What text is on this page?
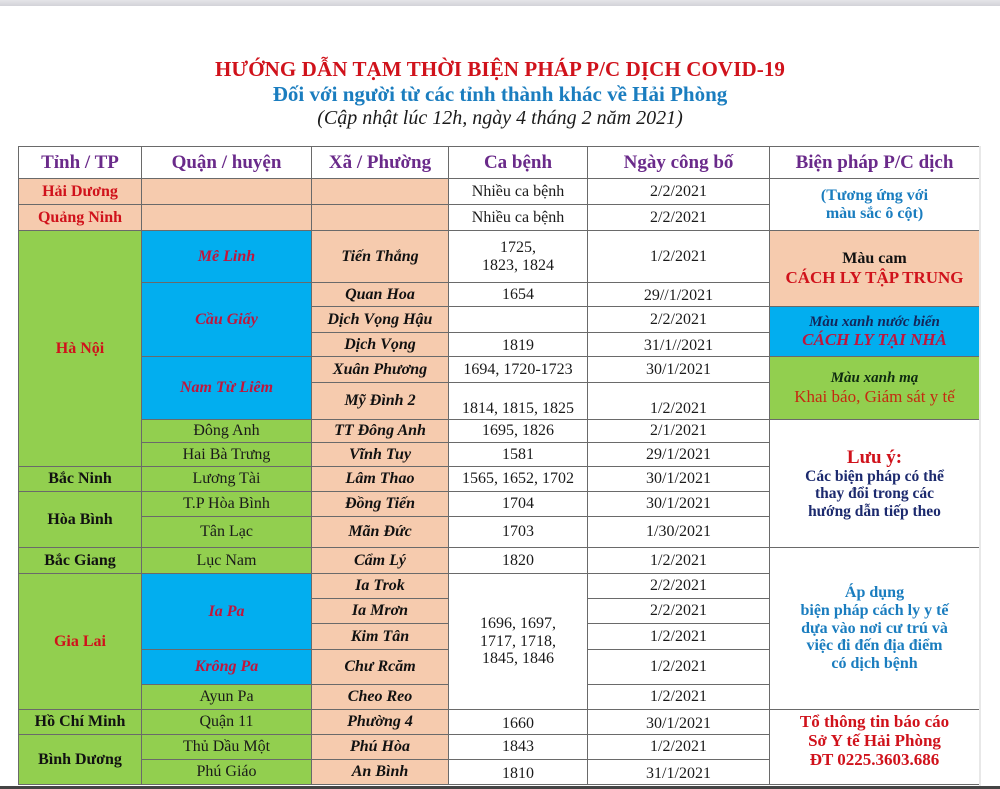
HƯỚNG DẪN TẠM THỜI BIỆN PHÁP P/C DỊCH COVID-19
Đối với người từ các tỉnh thành khác về Hải Phòng
(Cập nhật lúc 12h, ngày 4 tháng 2 năm 2021)
Tỉnh / TP	Quận / huyện	Xã / Phường	Ca bệnh	Ngày công bố	Biện pháp P/C dịch
Hải Dương			Nhiều ca bệnh	2/2/2021	(Tương ứng với
màu sắc ô cột)

Quảng Ninh			Nhiều ca bệnh	2/2/2021	
Hà Nội	Mê Linh	Tiến Thắng	1725,
1823, 1824	1/2/2021	Màu cam
CÁCH LY TẬP TRUNG

	Cầu Giấy	Quan Hoa	1654	29//1/2021	
		Dịch Vọng Hậu		2/2/2021	Màu xanh nước biển
CÁCH LY TẠI NHÀ

		Dịch Vọng	1819	31/1//2021	
	Nam Từ Liêm	Xuân Phương	1694, 1720-1723	30/1/2021	Màu xanh mạ
Khai báo, Giám sát y tế

		Mỹ Đình 2	1814, 1815, 1825	1/2/2021	
	Đông Anh	TT Đông Anh	1695, 1826	2/1/2021	Lưu ý:
Các biện pháp có thể
thay đổi trong các
hướng dẫn tiếp theo

	Hai Bà Trưng	Vĩnh Tuy	1581	29/1/2021	
Bắc Ninh	Lương Tài	Lâm Thao	1565, 1652, 1702	30/1/2021	
Hòa Bình	T.P Hòa Bình	Đồng Tiến	1704	30/1/2021	
	Tân Lạc	Mãn Đức	1703	1/30/2021	
Bắc Giang	Lục Nam	Cẩm Lý	1820	1/2/2021	Áp dụng
biện pháp cách ly y tế
dựa vào nơi cư trú và
việc đi đến địa điểm
có dịch bệnh

Gia Lai	Ia Pa	Ia Trok	1696, 1697,
1717, 1718,
1845, 1846	2/2/2021	
		Ia Mrơn		2/2/2021	
		Kim Tân		1/2/2021	
	Krông Pa	Chư Rcăm		1/2/2021	
	Ayun Pa	Cheo Reo		1/2/2021	
Hồ Chí Minh	Quận 11	Phường 4	1660	30/1/2021	Tổ thông tin báo cáo
Sở Y tế Hải Phòng
ĐT 0225.3603.686

Bình Dương	Thủ Dầu Một	Phú Hòa	1843	1/2/2021	
	Phú Giáo	An Bình	1810	31/1/2021	
